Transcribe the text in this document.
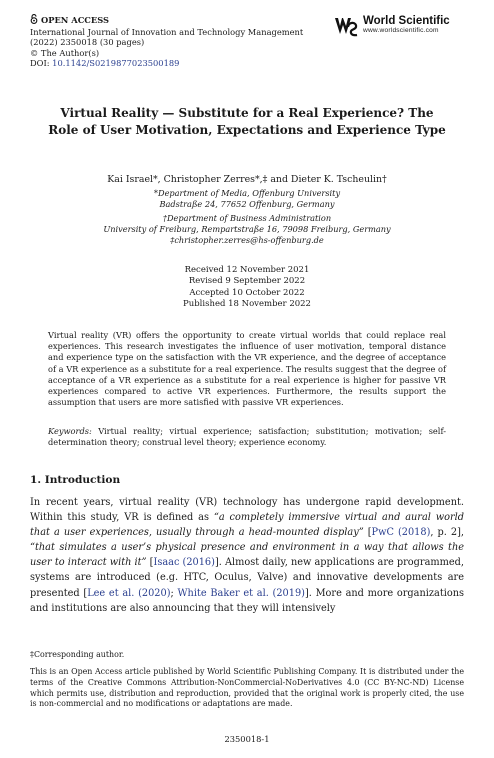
OPEN ACCESS
International Journal of Innovation and Technology Management
(2022) 2350018 (30 pages)
© The Author(s)
DOI: 10.1142/S0219877023500189
World Scientific
www.worldscientific.com
Virtual Reality — Substitute for a Real Experience? The
Role of User Motivation, Expectations and Experience Type
Kai Israel*, Christopher Zerres*,‡ and Dieter K. Tscheulin†
*Department of Media, Offenburg University
Badstraße 24, 77652 Offenburg, Germany
†Department of Business Administration
University of Freiburg, Rempartstraße 16, 79098 Freiburg, Germany
‡christopher.zerres@hs-offenburg.de
Received 12 November 2021
Revised 9 September 2022
Accepted 10 October 2022
Published 18 November 2022
Virtual reality (VR) offers the opportunity to create virtual worlds that could replace real experiences. This research investigates the influence of user motivation, temporal distance and experience type on the satisfaction with the VR experience, and the degree of acceptance of a VR experience as a substitute for a real experience. The results suggest that the degree of acceptance of a VR experience as a substitute for a real experience is higher for passive VR experiences compared to active VR experiences. Furthermore, the results support the assumption that users are more satisfied with passive VR experiences.
Keywords: Virtual reality; virtual experience; satisfaction; substitution; motivation; self-determination theory; construal level theory; experience economy.
1. Introduction
In recent years, virtual reality (VR) technology has undergone rapid development. Within this study, VR is defined as “a completely immersive virtual and aural world that a user experiences, usually through a head-mounted display” [PwC (2018), p. 2], “that simulates a user’s physical presence and environment in a way that allows the user to interact with it” [Isaac (2016)]. Almost daily, new applications are programmed, systems are introduced (e.g. HTC, Oculus, Valve) and innovative developments are presented [Lee et al. (2020); White Baker et al. (2019)]. More and more organizations and institutions are also announcing that they will intensively
‡Corresponding author.
This is an Open Access article published by World Scientific Publishing Company. It is distributed under the terms of the Creative Commons Attribution-NonCommercial-NoDerivatives 4.0 (CC BY-NC-ND) License which permits use, distribution and reproduction, provided that the original work is properly cited, the use is non-commercial and no modifications or adaptations are made.
2350018-1
